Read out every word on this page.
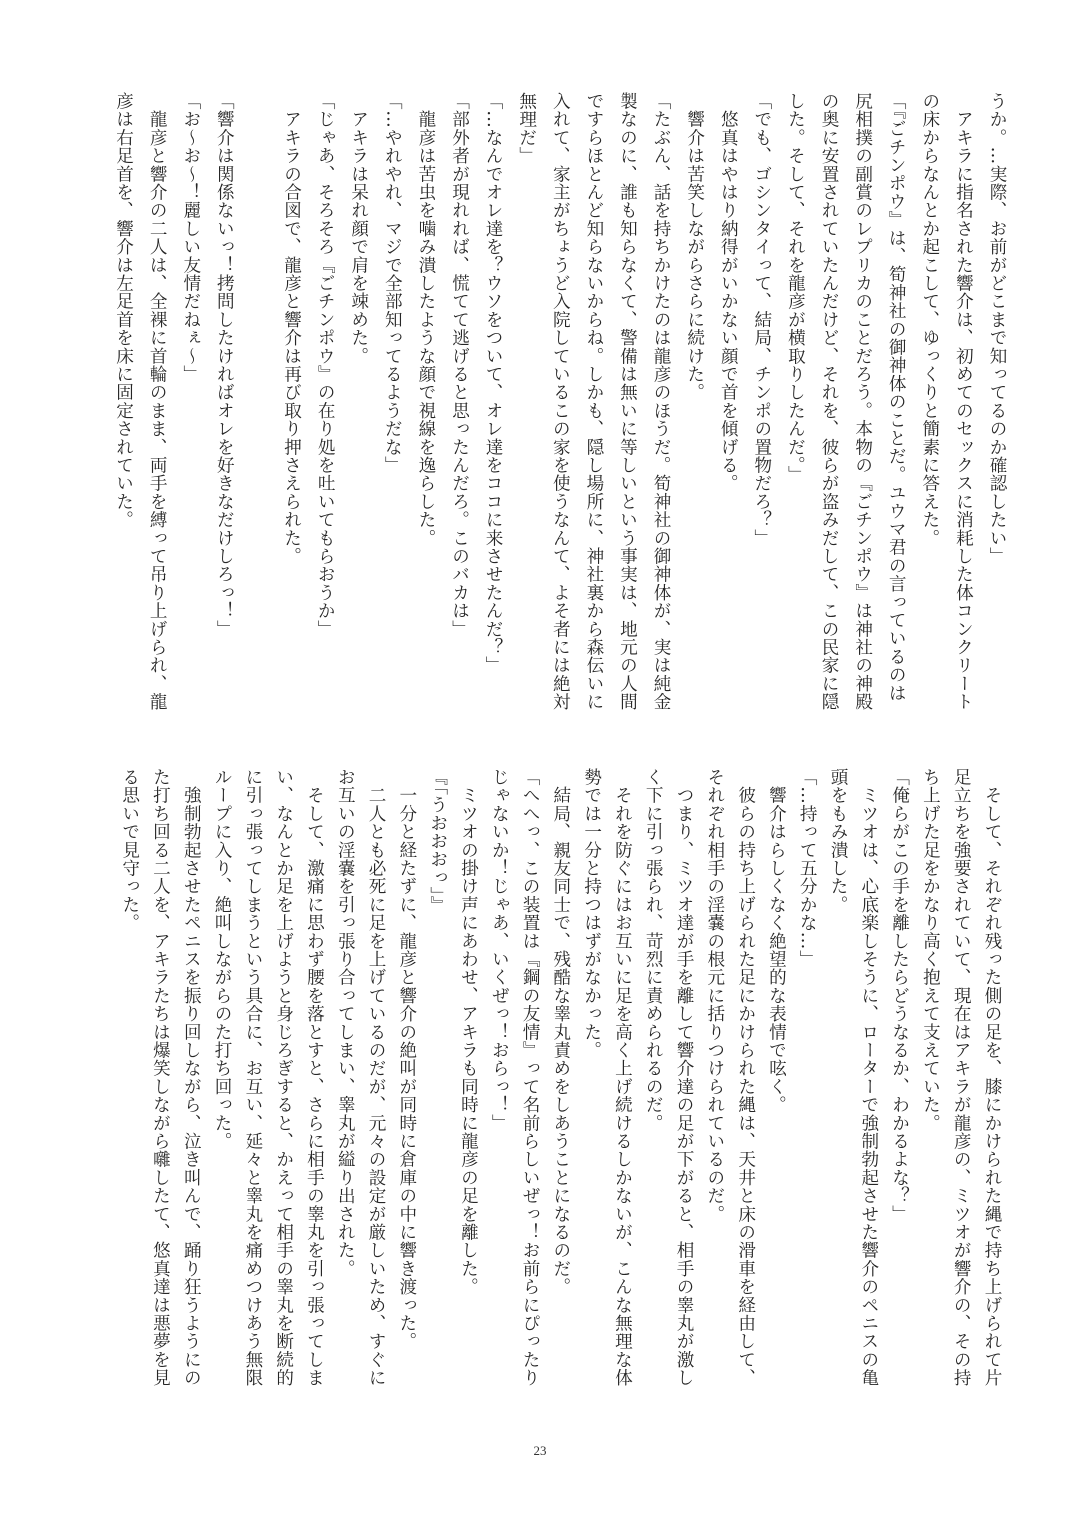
うか。…実際、お前がどこまで知ってるのか確認したい」
　アキラに指名された響介は、初めてのセックスに消耗した体コンクリート
の床からなんとか起こして、ゆっくりと簡素に答えた。
「『ごチンポウ』は、筍神社の御神体のことだ。ユウマ君の言っているのは
尻相撲の副賞のレプリカのことだろう。本物の『ごチンポウ』は神社の神殿
の奥に安置されていたんだけど、それを、彼らが盗みだして、この民家に隠
した。そして、それを龍彦が横取りしたんだ。」
「でも、ゴシンタイって、結局、チンポの置物だろ？」
　悠真はやはり納得がいかない顔で首を傾げる。
　響介は苦笑しながらさらに続けた。
「たぶん、話を持ちかけたのは龍彦のほうだ。筍神社の御神体が、実は純金
製なのに、誰も知らなくて、警備は無いに等しいという事実は、地元の人間
ですらほとんど知らないからね。しかも、隠し場所に、神社裏から森伝いに
入れて、家主がちょうど入院しているこの家を使うなんて、よそ者には絶対
無理だ」
「…なんでオレ達を？ウソをついて、オレ達をココに来させたんだ？」
「部外者が現れれば、慌てて逃げると思ったんだろ。このバカは」
　龍彦は苦虫を噛み潰したような顔で視線を逸らした。
「…やれやれ、マジで全部知ってるようだな」
　アキラは呆れ顔で肩を竦めた。
「じゃあ、そろそろ『ごチンポウ』の在り処を吐いてもらおうか」
　アキラの合図で、龍彦と響介は再び取り押さえられた。
「響介は関係ないっ！拷問したければオレを好きなだけしろっ！」
「お～お～！麗しい友情だねぇ～」
　龍彦と響介の二人は、全裸に首輪のまま、両手を縛って吊り上げられ、龍
彦は右足首を、響介は左足首を床に固定されていた。
　そして、それぞれ残った側の足を、膝にかけられた縄で持ち上げられて片
足立ちを強要されていて、現在はアキラが龍彦の、ミツオが響介の、その持
ち上げた足をかなり高く抱えて支えていた。
「俺らがこの手を離したらどうなるか、わかるよな？」
　ミツオは、心底楽しそうに、ローターで強制勃起させた響介のペニスの亀
頭をもみ潰した。
「…持って五分かな…」
　響介はらしくなく絶望的な表情で呟く。
　彼らの持ち上げられた足にかけられた縄は、天井と床の滑車を経由して、
それぞれ相手の淫嚢の根元に括りつけられているのだ。
　つまり、ミツオ達が手を離して響介達の足が下がると、相手の睾丸が激し
く下に引っ張られ、苛烈に責められるのだ。
　それを防ぐにはお互いに足を高く上げ続けるしかないが、こんな無理な体
勢では一分と持つはずがなかった。
　結局、親友同士で、残酷な睾丸責めをしあうことになるのだ。
「へへっ、この装置は『鋼の友情』って名前らしいぜっ！お前らにぴったり
じゃないか！じゃあ、いくぜっ！おらっ！」
　ミツオの掛け声にあわせ、アキラも同時に龍彦の足を離した。
『「うおおおっ」』
　一分と経たずに、龍彦と響介の絶叫が同時に倉庫の中に響き渡った。
　二人とも必死に足を上げているのだが、元々の設定が厳しいため、すぐに
お互いの淫嚢を引っ張り合ってしまい、睾丸が縊り出された。
　そして、激痛に思わず腰を落とすと、さらに相手の睾丸を引っ張ってしま
い、なんとか足を上げようと身じろぎすると、かえって相手の睾丸を断続的
に引っ張ってしまうという具合に、お互い、延々と睾丸を痛めつけあう無限
ループに入り、絶叫しながらのた打ち回った。
　強制勃起させたペニスを振り回しながら、泣き叫んで、踊り狂うようにの
た打ち回る二人を、アキラたちは爆笑しながら囃したて、悠真達は悪夢を見
る思いで見守った。
23
